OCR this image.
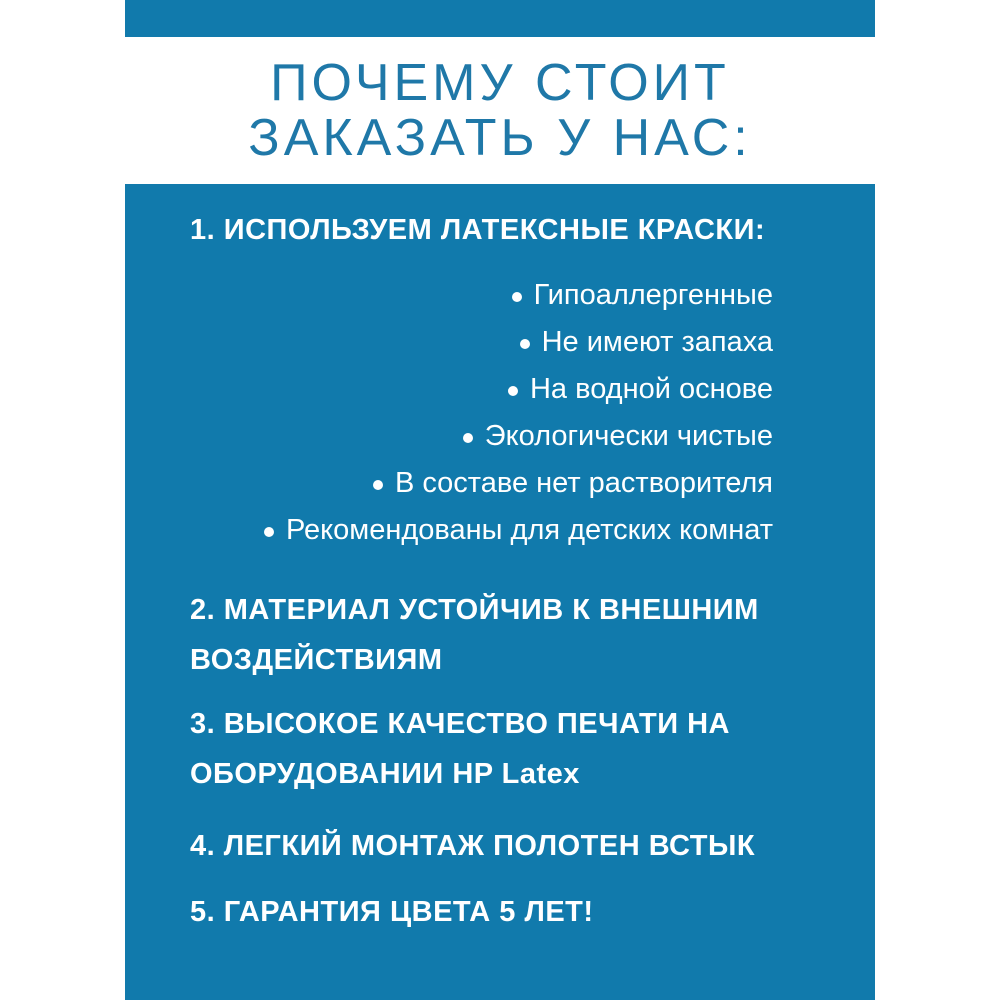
ПОЧЕМУ СТОИТ
ЗАКАЗАТЬ У НАС:
1. ИСПОЛЬЗУЕМ ЛАТЕКСНЫЕ КРАСКИ:
Гипоаллергенные
Не имеют запаха
На водной основе
Экологически чистые
В составе нет растворителя
Рекомендованы для детских комнат
2. МАТЕРИАЛ УСТОЙЧИВ К ВНЕШНИМ
ВОЗДЕЙСТВИЯМ
3. ВЫСОКОЕ КАЧЕСТВО ПЕЧАТИ НА
ОБОРУДОВАНИИ HP Latex
4. ЛЕГКИЙ МОНТАЖ ПОЛОТЕН ВСТЫК
5. ГАРАНТИЯ ЦВЕТА 5 ЛЕТ!
